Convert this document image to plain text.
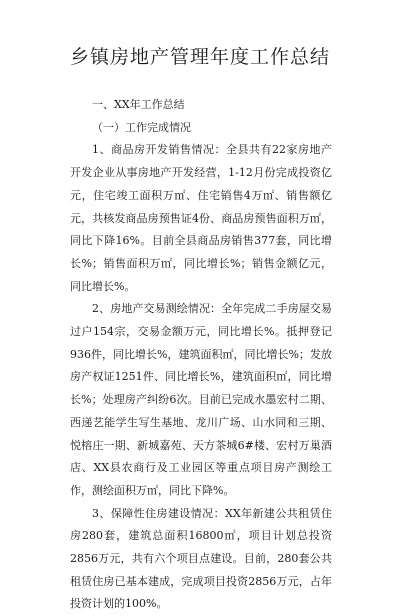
乡镇房地产管理年度工作总结

一、XX年工作总结

（一）工作完成情况

1、商品房开发销售情况：全县共有22家房地产开发企业从事房地产开发经营，1-12月份完成投资亿元，住宅竣工面积万㎡、住宅销售4万㎡、销售额亿元，共核发商品房预售证4份、商品房预售面积万㎡，同比下降16%。目前全县商品房销售377套，同比增长%；销售面积万㎡，同比增长%；销售金额亿元，同比增长%。

2、房地产交易测绘情况：全年完成二手房屋交易过户154宗，交易金额万元，同比增长%。抵押登记936件，同比增长%，建筑面积㎡，同比增长%；发放房产权证1251件、同比增长%，建筑面积㎡，同比增长%；处理房产纠纷6次。目前已完成水墨宏村二期、西递艺能学生写生基地、龙川广场、山水同和三期、悦榕庄一期、新城嘉苑、天方茶城6#楼、宏村万巢酒店、XX县农商行及工业园区等重点项目房产测绘工作，测绘面积万㎡，同比下降%。

3、保障性住房建设情况：XX年新建公共租赁住房280套，建筑总面积16800㎡，项目计划总投资2856万元，共有六个项目点建设。目前，280套公共租赁住房已基本建成，完成项目投资2856万元，占年投资计划的100%。
